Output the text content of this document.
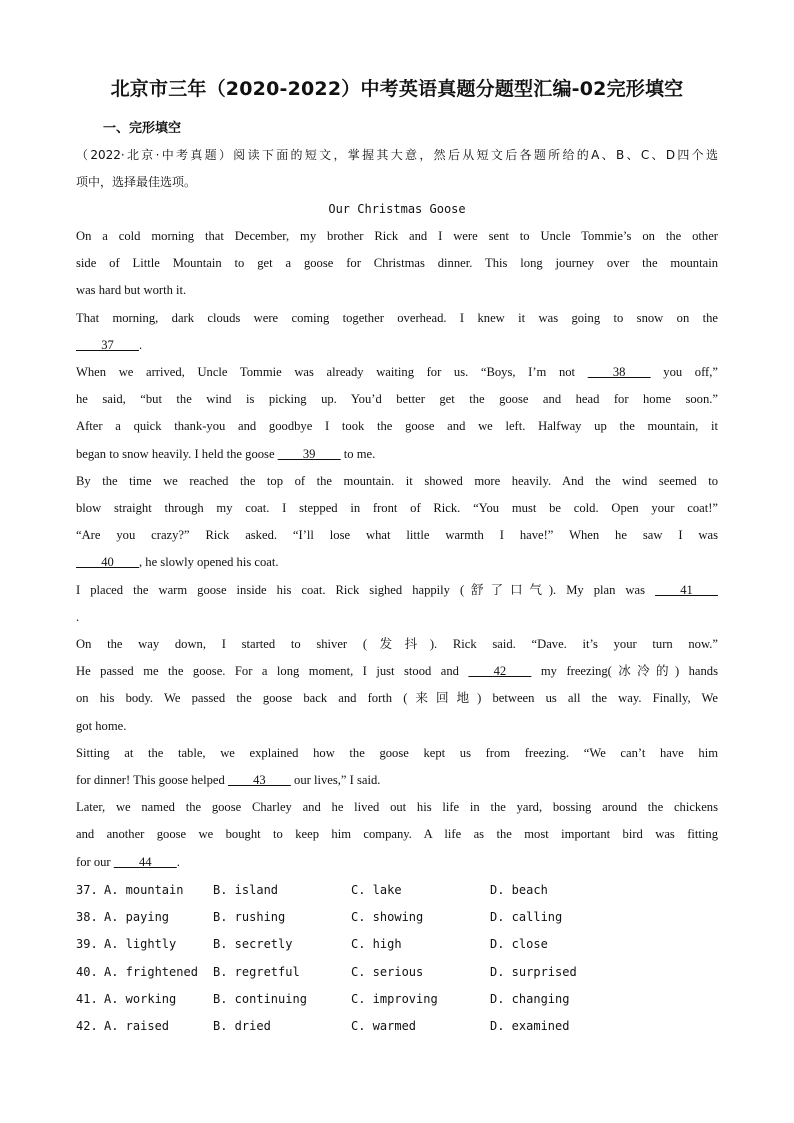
北京市三年（2020-2022）中考英语真题分题型汇编-02完形填空
一、完形填空
（2022·北京·中考真题）阅读下面的短文，掌握其大意，然后从短文后各题所给的A、B、C、D四个选
项中，选择最佳选项。
Our Christmas Goose
On a cold morning that December, my brother Rick and I were sent to Uncle Tommie’s on the other
side of Little Mountain to get a goose for Christmas dinner. This long journey over the mountain
was hard but worth it.
That morning, dark clouds were coming together overhead. I knew it was going to snow on the
    37    .
When we arrived, Uncle Tommie was already waiting for us. “Boys, I’m not     38     you off,”
he said, “but the wind is picking up. You’d better get the goose and head for home soon.”
After a quick thank-you and goodbye I took the goose and we left. Halfway up the mountain, it
began to snow heavily. I held the goose     39     to me.
By the time we reached the top of the mountain. it showed more heavily. And the wind seemed to
blow straight through my coat. I stepped in front of Rick. “You must be cold. Open your coat!”
“Are you crazy?” Rick asked. “I’ll lose what little warmth I have!” When he saw I was
    40    , he slowly opened his coat.
I placed the warm goose inside his coat. Rick sighed happily (舒了口气). My plan was     41    
.
On the way down, I started to shiver (发抖). Rick said. “Dave. it’s your turn now.”
He passed me the goose. For a long moment, I just stood and     42     my freezing(冰冷的) hands
on his body. We passed the goose back and forth (来回地) between us all the way. Finally, We
got home.
Sitting at the table, we explained how the goose kept us from freezing. “We can’t have him
for dinner! This goose helped     43     our lives,” I said.
Later, we named the goose Charley and he lived out his life in the yard, bossing around the chickens
and another goose we bought to keep him company. A life as the most important bird was fitting
for our     44    .
37. A. mountain B. island	C. lake	D. beach
38. A. paying	B. rushing	C. showing	D. calling
39. A. lightly	B. secretly	C. high	D. close
40. A. frightened B. regretful	C. serious	D. surprised
41. A. working	B. continuing	C. improving	D. changing
42. A. raised	B. dried	C. warmed	D. examined
